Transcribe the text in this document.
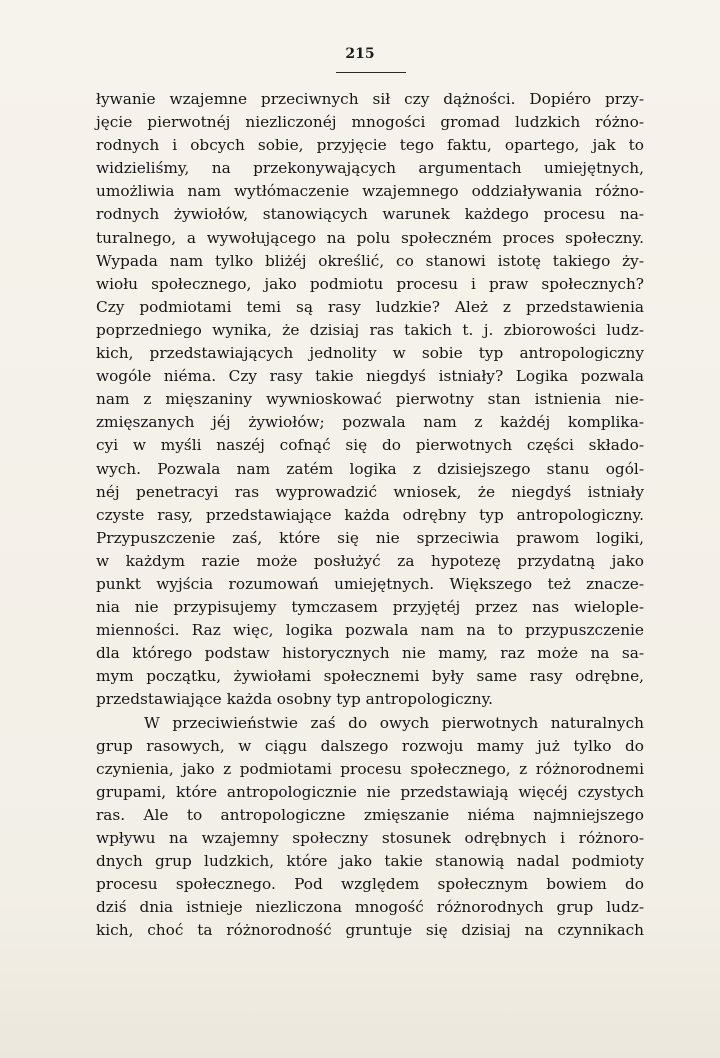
215
ływanie wzajemne przeciwnych sił czy dążności. Dopiéro przy-
jęcie pierwotnéj niezliczonéj mnogości gromad ludzkich różno-
rodnych i obcych sobie, przyjęcie tego faktu, opartego, jak to
widzieliśmy, na przekonywających argumentach umiejętnych,
umożliwia nam wytłómaczenie wzajemnego oddziaływania różno-
rodnych żywiołów, stanowiących warunek każdego procesu na-
turalnego, a wywołującego na polu społeczném proces społeczny.
Wypada nam tylko bliżéj określić, co stanowi istotę takiego ży-
wiołu społecznego, jako podmiotu procesu i praw społecznych?
Czy podmiotami temi są rasy ludzkie? Ależ z przedstawienia
poprzedniego wynika, że dzisiaj ras takich t. j. zbiorowości ludz-
kich, przedstawiających jednolity w sobie typ antropologiczny
wogóle niéma. Czy rasy takie niegdyś istniały? Logika pozwala
nam z mięszaniny wywnioskować pierwotny stan istnienia nie-
zmięszanych jéj żywiołów; pozwala nam z każdéj komplika-
cyi w myśli naszéj cofnąć się do pierwotnych części składo-
wych. Pozwala nam zatém logika z dzisiejszego stanu ogól-
néj penetracyi ras wyprowadzić wniosek, że niegdyś istniały
czyste rasy, przedstawiające każda odrębny typ antropologiczny.
Przypuszczenie zaś, które się nie sprzeciwia prawom logiki,
w każdym razie może posłużyć za hypotezę przydatną jako
punkt wyjścia rozumowań umiejętnych. Większego też znacze-
nia nie przypisujemy tymczasem przyjętéj przez nas wielople-
mienności. Raz więc, logika pozwala nam na to przypuszczenie
dla którego podstaw historycznych nie mamy, raz może na sa-
mym początku, żywiołami społecznemi były same rasy odrębne,
przedstawiające każda osobny typ antropologiczny.
W przeciwieństwie zaś do owych pierwotnych naturalnych
grup rasowych, w ciągu dalszego rozwoju mamy już tylko do
czynienia, jako z podmiotami procesu społecznego, z różnorodnemi
grupami, które antropologicznie nie przedstawiają więcéj czystych
ras. Ale to antropologiczne zmięszanie niéma najmniejszego
wpływu na wzajemny społeczny stosunek odrębnych i różnoro-
dnych grup ludzkich, które jako takie stanowią nadal podmioty
procesu społecznego. Pod względem społecznym bowiem do
dziś dnia istnieje niezliczona mnogość różnorodnych grup ludz-
kich, choć ta różnorodność gruntuje się dzisiaj na czynnikach
